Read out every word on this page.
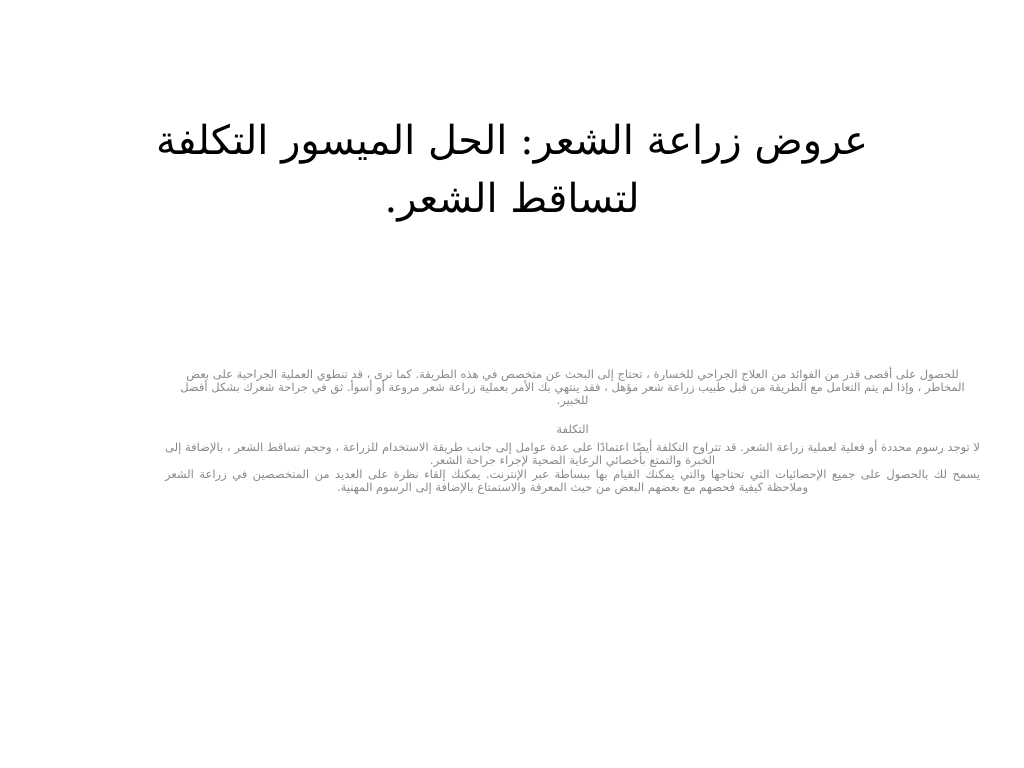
عروض زراعة الشعر: الحل الميسور التكلفة لتساقط الشعر.

للحصول على أقصى قدر من الفوائد من العلاج الجراحي للخسارة ، تحتاج إلى البحث عن متخصص في هذه الطريقة. كما ترى ، قد تنطوي العملية الجراحية على بعض المخاطر ، وإذا لم يتم التعامل مع الطريقة من قبل طبيب زراعة شعر مؤهل ، فقد ينتهي بك الأمر بعملية زراعة شعر مروعة أو أسوأ. ثق في جراحة شعرك بشكل أفضل للخبير.

التكلفة

لا توجد رسوم محددة أو فعلية لعملية زراعة الشعر. قد تتراوح التكلفة أيضًا اعتمادًا على عدة عوامل إلى جانب طريقة الاستخدام للزراعة ، وحجم تساقط الشعر ، بالإضافة إلى الخبرة والتمتع بأخصائي الرعاية الصحية لإجراء جراحة الشعر.

يسمح لك بالحصول على جميع الإحصائيات التي تحتاجها والتي يمكنك القيام بها ببساطة عبر الإنترنت. يمكنك إلقاء نظرة على العديد من المتخصصين في زراعة الشعر وملاحظة كيفية فحصهم مع بعضهم البعض من حيث المعرفة والاستمتاع بالإضافة إلى الرسوم المهنية.
